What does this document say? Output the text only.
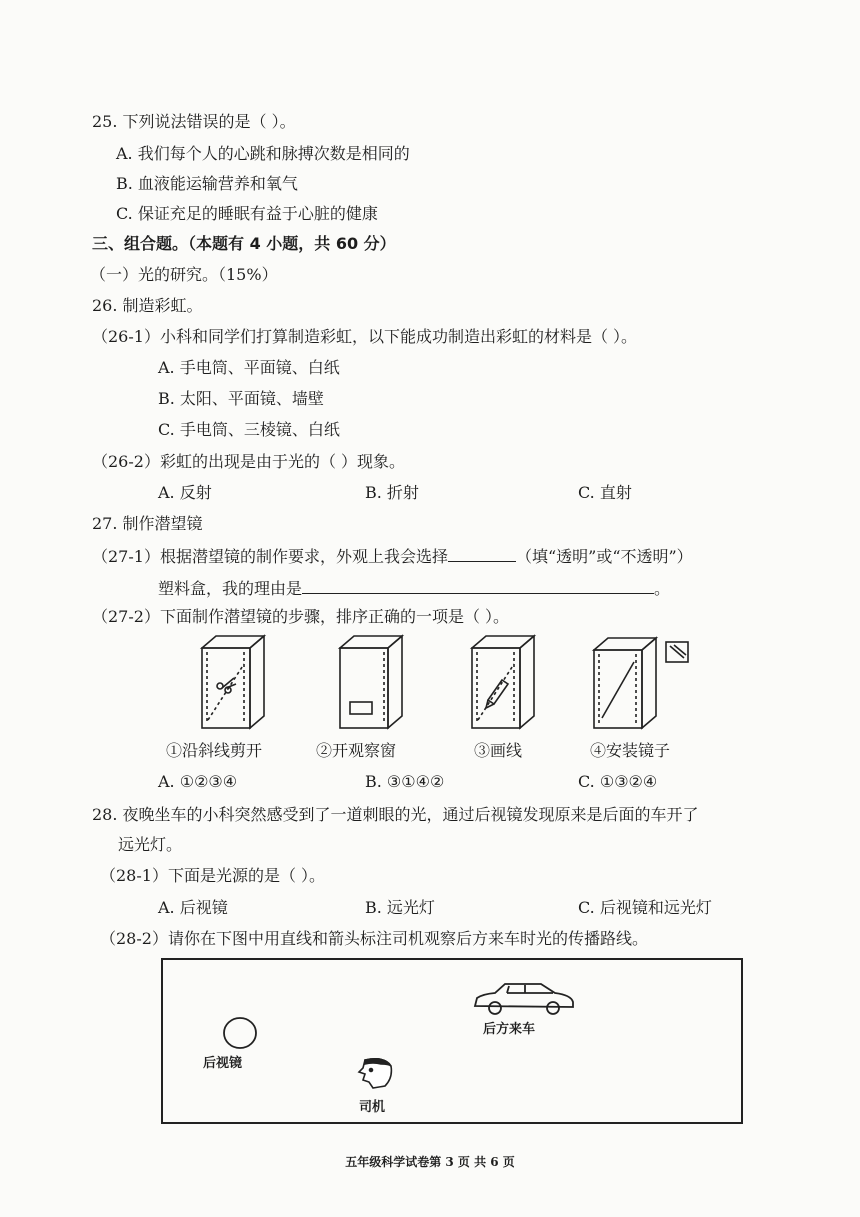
25. 下列说法错误的是（ ）。
A. 我们每个人的心跳和脉搏次数是相同的
B. 血液能运输营养和氧气
C. 保证充足的睡眠有益于心脏的健康
三、组合题。（本题有 4 小题，共 60 分）
（一）光的研究。（15%）
26. 制造彩虹。
（26-1）小科和同学们打算制造彩虹，以下能成功制造出彩虹的材料是（ ）。
A. 手电筒、平面镜、白纸
B. 太阳、平面镜、墙壁
C. 手电筒、三棱镜、白纸
（26-2）彩虹的出现是由于光的（ ）现象。
A. 反射	B. 折射	C. 直射
27. 制作潜望镜
（27-1）根据潜望镜的制作要求，外观上我会选择	（填“透明”或“不透明”）
塑料盒，我的理由是	。
（27-2）下面制作潜望镜的步骤，排序正确的一项是（ ）。
①沿斜线剪开	②开观察窗	③画线	④安装镜子
A. ①②③④	B. ③①④②	C. ①③②④
28. 夜晚坐车的小科突然感受到了一道刺眼的光，通过后视镜发现原来是后面的车开了
远光灯。
（28-1）下面是光源的是（ ）。
A. 后视镜	B. 远光灯	C. 后视镜和远光灯
（28-2）请你在下图中用直线和箭头标注司机观察后方来车时光的传播路线。
后方来车
后视镜
司机
五年级科学试卷第 3 页 共 6 页
